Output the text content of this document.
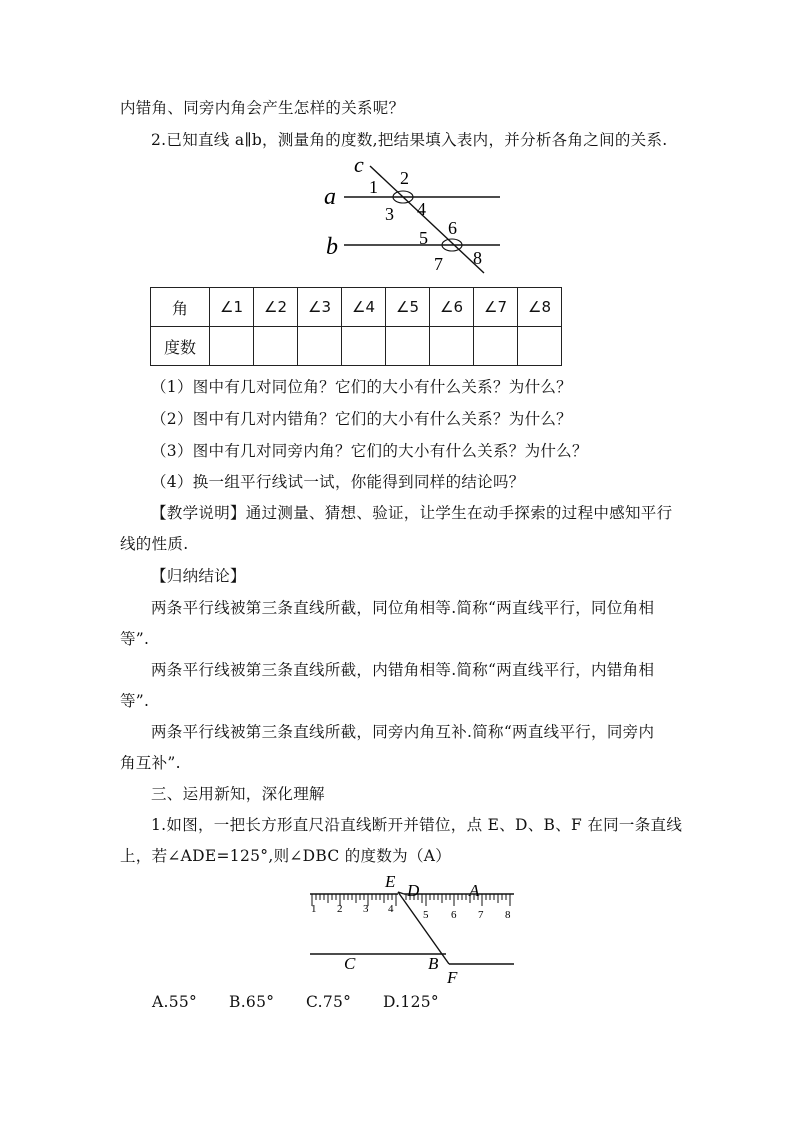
内错角、同旁内角会产生怎样的关系呢？
2.已知直线 a∥b，测量角的度数,把结果填入表内，并分析各角之间的关系.
c
a
b
1 2
3 4
5 6
7 8
角	∠1	∠2	∠3	∠4	∠5	∠6	∠7	∠8
度数								
（1）图中有几对同位角？它们的大小有什么关系？为什么？
（2）图中有几对内错角？它们的大小有什么关系？为什么？
（3）图中有几对同旁内角？它们的大小有什么关系？为什么？
（4）换一组平行线试一试，你能得到同样的结论吗？
【教学说明】通过测量、猜想、验证，让学生在动手探索的过程中感知平行
线的性质.
【归纳结论】
两条平行线被第三条直线所截，同位角相等.简称“两直线平行，同位角相
等”.
两条平行线被第三条直线所截，内错角相等.简称“两直线平行，内错角相
等”.
两条平行线被第三条直线所截，同旁内角互补.简称“两直线平行，同旁内
角互补”.
三、运用新知，深化理解
1.如图，一把长方形直尺沿直线断开并错位，点 E、D、B、F 在同一条直线
上，若∠ADE=125°,则∠DBC 的度数为（A）
1 2 3 4	5 6 7 8
E D	A
C	B
F
A.55° B.65° C.75° D.125°
